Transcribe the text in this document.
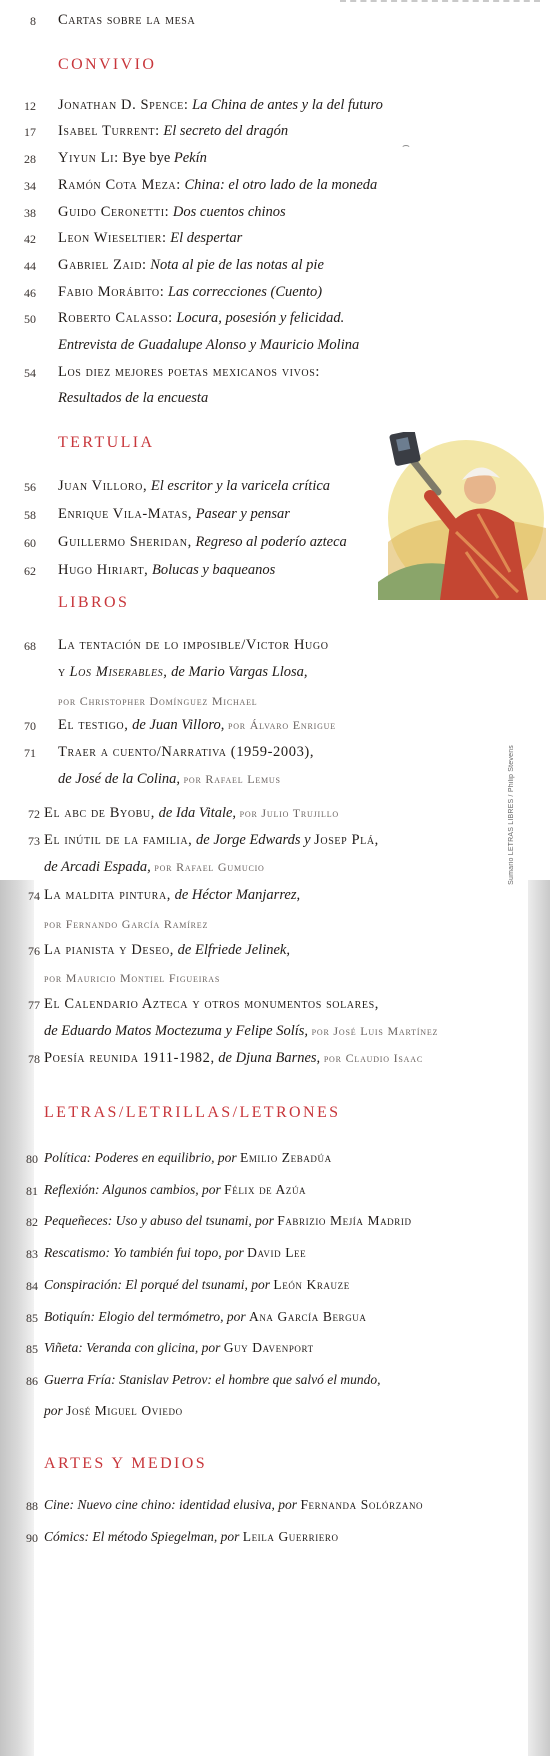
Sumario LETRAS LIBRES / Philip Stevens
8 Cartas sobre la mesa
CONVIVIO
12 Jonathan D. Spence: La China de antes y la del futuro
17 Isabel Turrent: El secreto del dragón
⌢
28 Yiyun Li: Bye bye Pekín
34 Ramón Cota Meza: China: el otro lado de la moneda
38 Guido Ceronetti: Dos cuentos chinos
42 Leon Wieseltier: El despertar
44 Gabriel Zaid: Nota al pie de las notas al pie
46 Fabio Morábito: Las correcciones (Cuento)
50 Roberto Calasso: Locura, posesión y felicidad.
Entrevista de Guadalupe Alonso y Mauricio Molina
54 Los diez mejores poetas mexicanos vivos:
Resultados de la encuesta
TERTULIA
56 Juan Villoro, El escritor y la varicela crítica
58 Enrique Vila-Matas, Pasear y pensar
60 Guillermo Sheridan, Regreso al poderío azteca
62 Hugo Hiriart, Bolucas y baqueanos
LIBROS
68 La tentación de lo imposible/Victor Hugo
y Los Miserables, de Mario Vargas Llosa,
por Christopher Domínguez Michael
70 El testigo, de Juan Villoro, por Álvaro Enrigue
71 Traer a cuento/Narrativa (1959-2003),
de José de la Colina, por Rafael Lemus
72 El abc de Byobu, de Ida Vitale, por Julio Trujillo
73 El inútil de la familia, de Jorge Edwards y Josep Plá,
de Arcadi Espada, por Rafael Gumucio
74 La maldita pintura, de Héctor Manjarrez,
por Fernando García Ramírez
76 La pianista y Deseo, de Elfriede Jelinek,
por Mauricio Montiel Figueiras
77 El Calendario Azteca y otros monumentos solares,
de Eduardo Matos Moctezuma y Felipe Solís, por José Luis Martínez
78 Poesía reunida 1911-1982, de Djuna Barnes, por Claudio Isaac
LETRAS/LETRILLAS/LETRONES
80 Política: Poderes en equilibrio, por Emilio Zebadúa
81 Reflexión: Algunos cambios, por Félix de Azúa
82 Pequeñeces: Uso y abuso del tsunami, por Fabrizio Mejía Madrid
83 Rescatismo: Yo también fui topo, por David Lee
84 Conspiración: El porqué del tsunami, por León Krauze
85 Botiquín: Elogio del termómetro, por Ana García Bergua
85 Viñeta: Veranda con glicina, por Guy Davenport
86 Guerra Fría: Stanislav Petrov: el hombre que salvó el mundo,
por José Miguel Oviedo
ARTES Y MEDIOS
88 Cine: Nuevo cine chino: identidad elusiva, por Fernanda Solórzano
90 Cómics: El método Spiegelman, por Leila Guerriero
